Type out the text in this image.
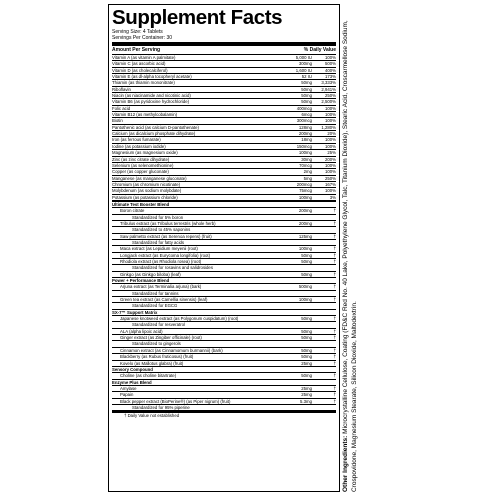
Supplement Facts
Serving Size: 4 Tablets
Servings Per Container: 30
Amount Per Serving	% Daily Value
Vitamin A (as vitamin A palmitate)	5,000 IU	100%
Vitamin C (as ascorbic acid)	300mg	500%
Vitamin D (as cholecalciferol)	1,600 IU	400%
Vitamin E (as dl-alpha tocopheryl acetate)	52 IU	173%
Thiamin (as thiamin mononitrate)	50mg	3,333%
Riboflavin	50mg	2,941%
Niacin (as niacinamide and nicotinic acid)	50mg	250%
Vitamin B6 (as pyridoxine hydrochloride)	50mg	2,500%
Folic acid	400mcg	100%
Vitamin B12 (as methylcobalamin)	6mcg	100%
Biotin	300mcg	100%
Pantothenic acid (as calcium D-pantothenate)	128mg	1,280%
Calcium (as dicalcium phosphate dihydrate)	200mg	20%
Iron (as ferrous fumarate)	18mg	100%
Iodine (as potassium iodide)	150mcg	100%
Magnesium (as magnesium oxide)	100mg	25%
Zinc (as zinc citrate dihydrate)	30mg	200%
Selenium (as selenomethionine)	70mcg	100%
Copper (as copper gluconate)	2mg	100%
Manganese (as manganese gluconate)	5mg	250%
Chromium (as chromium nicotinate)	200mcg	167%
Molybdenum (as sodium molybdate)	75mcg	100%
Potassium (as potassium chloride)	100mg	3%
Ultimate Test Booster Blend
Boron citrate	200mg	†
Standardized for 5% boron
Tribulus extract (as Tribulus terrestris (whole herb)	200mg	†
Standardized to 45% saponins
Saw palmetto extract (as Serenoa repens) (fruit)	125mg	†
Standardized for fatty acids
Maca extract (as Lepidium meyenii (root)	100mg	†
Longjack extract (as Eurycoma longifolia) (root)	50mg	†
Rhodiola extract (as Rhodiola rosea) (root)	50mg	†
Standardized for rosavins and salidrosides
Ginkgo (as Ginkgo biloba) (leaf)	50mg	†
Power + Performance Blend
Arjuna extract (as Terminalia arjuna) (bark)	500mg	†
Standardized for tannins
Green tea extract (as Camellia sinensis) (leaf)	100mg	†
Standardized for EGCG
SX-7™ Support Matrix
Japanese knotweed extract (as Polygonum cuspidatum) (root)	50mg	†
Standardized for resveratrol
ALA (alpha lipoic acid)	50mg	†
Ginger extract (as Zingiber officinale) (root)	50mg	†
Standardized to gingerols
Cinnamon extract (as Cinnamomum burmannii) (bark)	50mg	†
Blackberry (as Rubus fruticosus) (fruit)	50mg	†
Kovelo (as Mallotus glabra) (fruit)	25mg	†
Sensory Compound
Choline (as choline bitartrate)	50mg	†
Enzyme Plus Blend
Amylase	25mg	†
Papain	25mg	†
Black pepper extract (BioPerine®) (as Piper nigrum) (fruit)	5.3mg	†
Standardized for 95% piperine
† Daily Value not established
Other Ingredients: Microcrystalline Cellulose, Coating (FD&C Red No. 40 Lake, Polyethylene Glycol, Talc, Titanium Dioxide), Stearic Acid, Croscarmellose Sodium, Crospovidone, Magnesium Stearate, Silicon Dioxide, Maltodextrin.
